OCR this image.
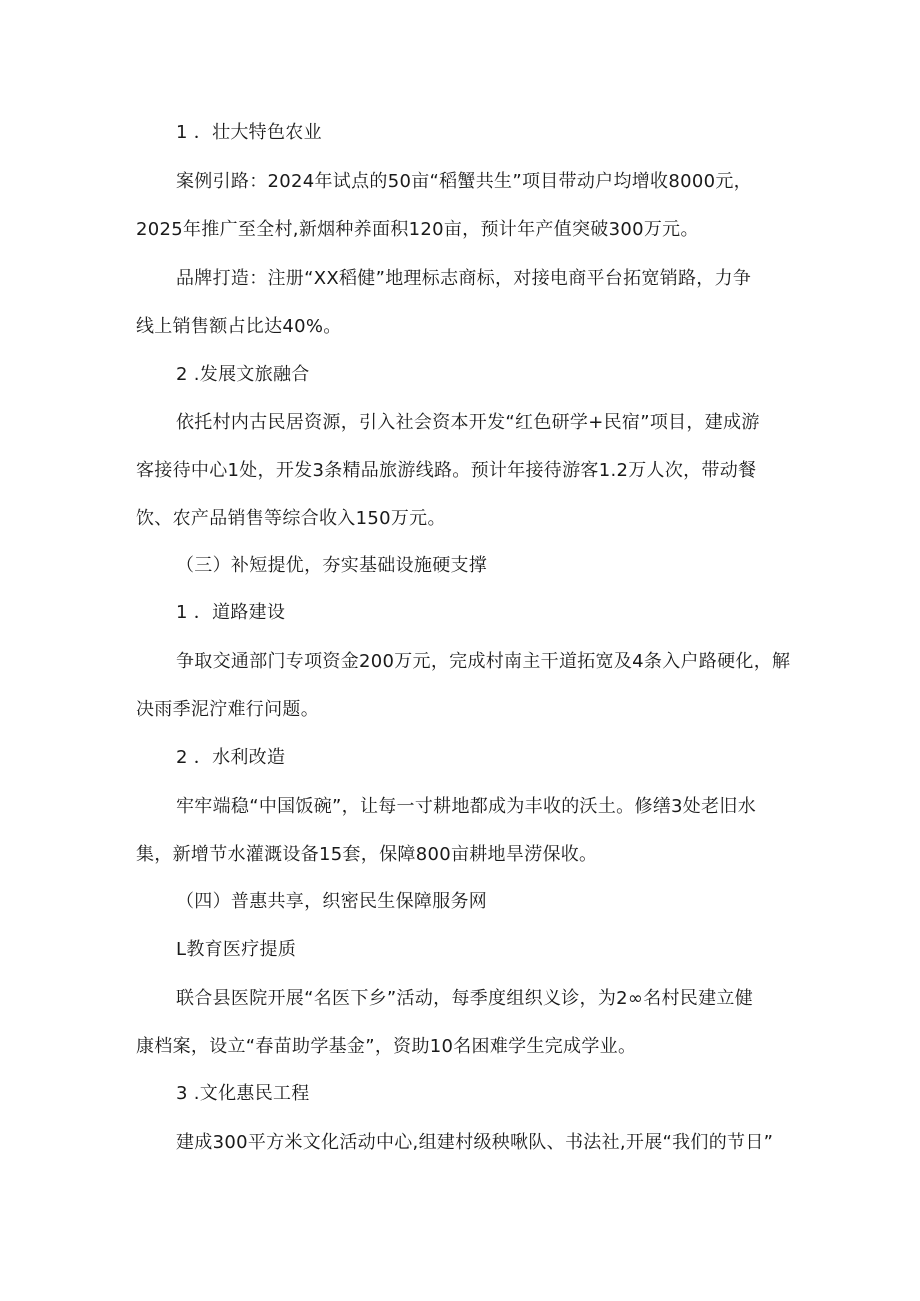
1 ．壮大特色农业
案例引路：2024年试点的50亩“稻蟹共生”项目带动户均增收8000元，
2025年推广至全村,新烟种养面积120亩，预计年产值突破300万元。
品牌打造：注册“XX稻健”地理标志商标，对接电商平台拓宽销路，力争
线上销售额占比达40%。
2 .发展文旅融合
依托村内古民居资源，引入社会资本开发“红色研学+民宿”项目，建成游
客接待中心1处，开发3条精品旅游线路。预计年接待游客1.2万人次，带动餐
饮、农产品销售等综合收入150万元。
（三）补短提优，夯实基础设施硬支撑
1 ．道路建设
争取交通部门专项资金200万元，完成村南主干道拓宽及4条入户路硬化，解
决雨季泥泞难行问题。
2 ．水利改造
牢牢端稳“中国饭碗”，让每一寸耕地都成为丰收的沃土。修缮3处老旧水
集，新增节水灌溉设备15套，保障800亩耕地旱涝保收。
（四）普惠共享，织密民生保障服务网
L教育医疗提质
联合县医院开展“名医下乡”活动，每季度组织义诊，为2∞名村民建立健
康档案，设立“春苗助学基金”，资助10名困难学生完成学业。
3 .文化惠民工程
建成300平方米文化活动中心,组建村级秧啾队、书法社,开展“我们的节日”
